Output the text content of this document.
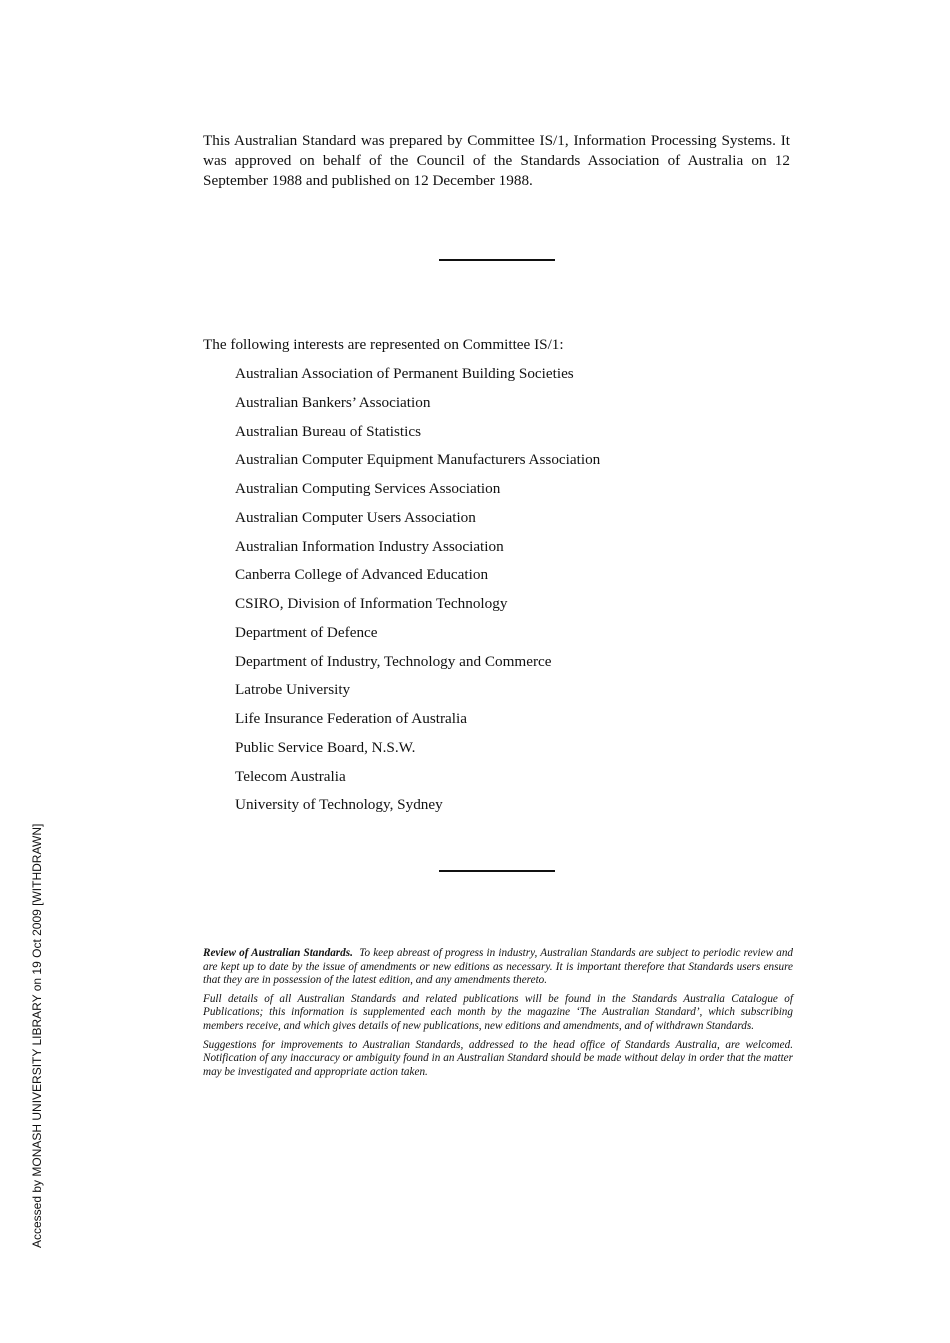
This Australian Standard was prepared by Committee IS/1, Information Processing Systems. It was approved on behalf of the Council of the Standards Association of Australia on 12 September 1988 and published on 12 December 1988.

The following interests are represented on Committee IS/1:

Australian Association of Permanent Building Societies
Australian Bankers’ Association
Australian Bureau of Statistics
Australian Computer Equipment Manufacturers Association
Australian Computing Services Association
Australian Computer Users Association
Australian Information Industry Association
Canberra College of Advanced Education
CSIRO, Division of Information Technology
Department of Defence
Department of Industry, Technology and Commerce
Latrobe University
Life Insurance Federation of Australia
Public Service Board, N.S.W.
Telecom Australia
University of Technology, Sydney

Review of Australian Standards. To keep abreast of progress in industry, Australian Standards are subject to periodic review and are kept up to date by the issue of amendments or new editions as necessary. It is important therefore that Standards users ensure that they are in possession of the latest edition, and any amendments thereto.

Full details of all Australian Standards and related publications will be found in the Standards Australia Catalogue of Publications; this information is supplemented each month by the magazine ‘The Australian Standard’, which subscribing members receive, and which gives details of new publications, new editions and amendments, and of withdrawn Standards.

Suggestions for improvements to Australian Standards, addressed to the head office of Standards Australia, are welcomed. Notification of any inaccuracy or ambiguity found in an Australian Standard should be made without delay in order that the matter may be investigated and appropriate action taken.

Accessed by MONASH UNIVERSITY LIBRARY on 19 Oct 2009 [WITHDRAWN]
